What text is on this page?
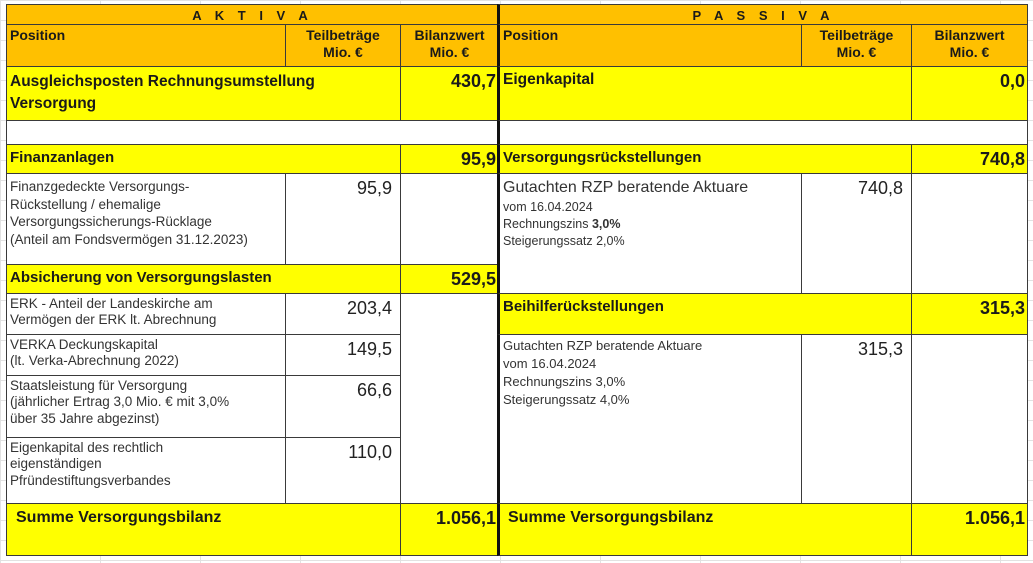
A K T I V A
Position	Teilbeträge
Mio. €
Bilanzwert
Mio. €
Ausgleichsposten Rechnungsumstellung Versorgung
430,7
Finanzanlagen	95,9
Finanzgedeckte Versorgungs-
Rückstellung / ehemalige
Versorgungssicherungs-Rücklage
(Anteil am Fondsvermögen 31.12.2023)
95,9
Absicherung von Versorgungslasten	529,5
ERK - Anteil der Landeskirche am
Vermögen der ERK lt. Abrechnung
203,4
VERKA Deckungskapital
(lt. Verka-Abrechnung 2022)
149,5
Staatsleistung für Versorgung
(jährlicher Ertrag 3,0 Mio. € mit 3,0%
über 35 Jahre abgezinst)
66,6
Eigenkapital des rechtlich
eigenständigen
Pfründestiftungsverbandes
110,0
Summe Versorgungsbilanz	1.056,1
P A S S I V A
Position	Teilbeträge
Mio. €
Bilanzwert
Mio. €
Eigenkapital	0,0
Versorgungsrückstellungen	740,8
Gutachten RZP beratende Aktuare
vom 16.04.2024
Rechnungszins 3,0%
Steigerungssatz 2,0%
740,8
Beihilferückstellungen	315,3
Gutachten RZP beratende Aktuare
vom 16.04.2024
Rechnungszins 3,0%
Steigerungssatz 4,0%
315,3
Summe Versorgungsbilanz	1.056,1
